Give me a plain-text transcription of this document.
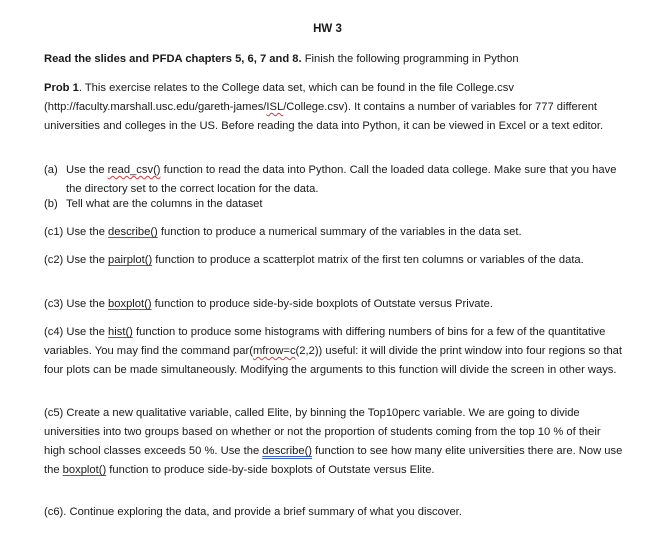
HW 3

Read the slides and PFDA chapters 5, 6, 7 and 8. Finish the following programming in Python

Prob 1. This exercise relates to the College data set, which can be found in the file College.csv (http://faculty.marshall.usc.edu/gareth-james/ISL/College.csv). It contains a number of variables for 777 different universities and colleges in the US. Before reading the data into Python, it can be viewed in Excel or a text editor.

(a) Use the read_csv() function to read the data into Python. Call the loaded data college. Make sure that you have the directory set to the correct location for the data.
(b) Tell what are the columns in the dataset

(c1) Use the describe() function to produce a numerical summary of the variables in the data set.

(c2) Use the pairplot() function to produce a scatterplot matrix of the first ten columns or variables of the data.

(c3) Use the boxplot() function to produce side-by-side boxplots of Outstate versus Private.

(c4) Use the hist() function to produce some histograms with differing numbers of bins for a few of the quantitative variables. You may find the command par(mfrow=c(2,2)) useful: it will divide the print window into four regions so that four plots can be made simultaneously. Modifying the arguments to this function will divide the screen in other ways.

(c5) Create a new qualitative variable, called Elite, by binning the Top10perc variable. We are going to divide universities into two groups based on whether or not the proportion of students coming from the top 10 % of their high school classes exceeds 50 %. Use the describe() function to see how many elite universities there are. Now use the boxplot() function to produce side-by-side boxplots of Outstate versus Elite.

(c6). Continue exploring the data, and provide a brief summary of what you discover.
